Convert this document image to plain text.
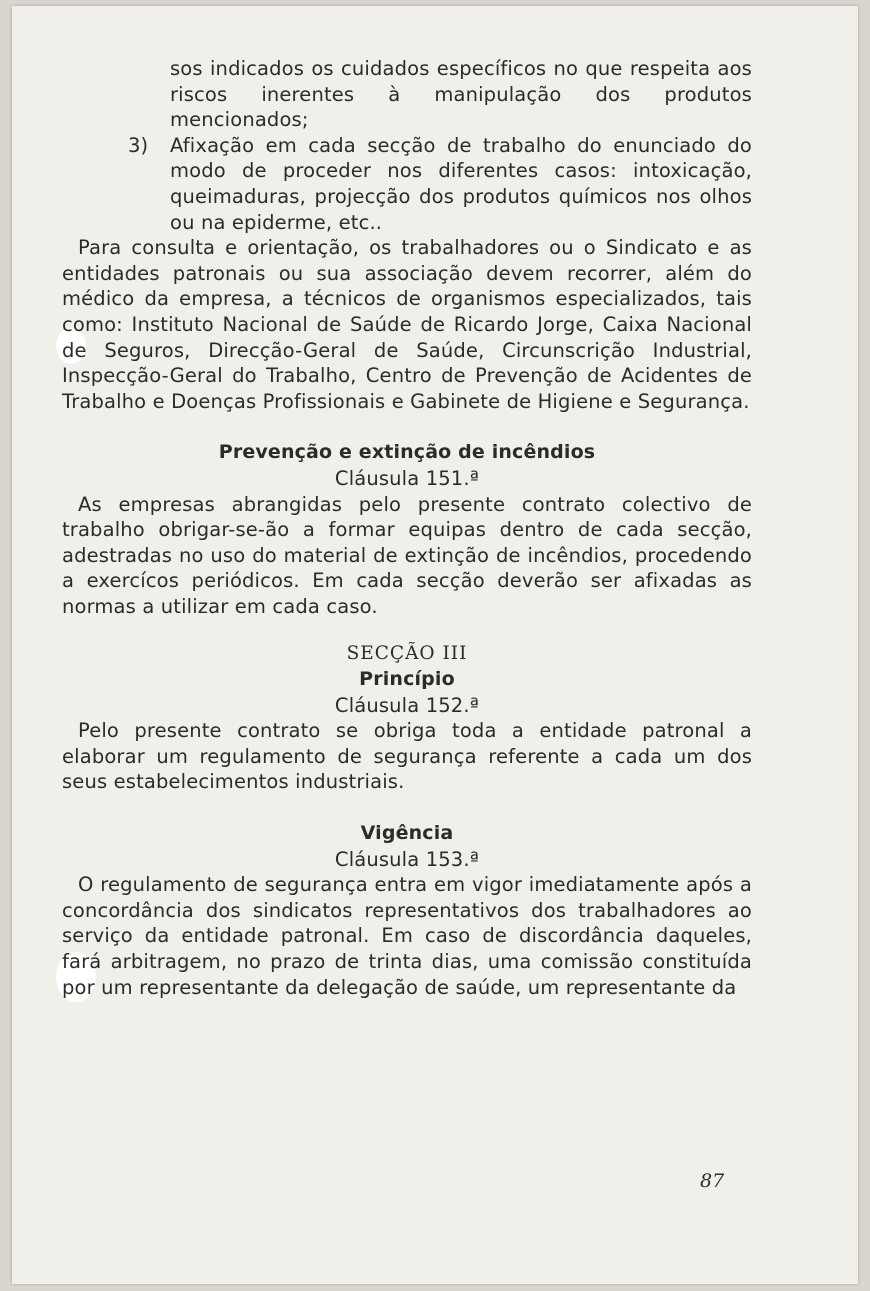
sos indicados os cuidados específicos no que respeita aos riscos inerentes à manipulação dos produtos mencionados;

3) Afixação em cada secção de trabalho do enunciado do modo de proceder nos diferentes casos: intoxicação, queimaduras, projecção dos produtos químicos nos olhos ou na epiderme, etc..

Para consulta e orientação, os trabalhadores ou o Sindicato e as entidades patronais ou sua associação devem recorrer, além do médico da empresa, a técnicos de organismos especializados, tais como: Instituto Nacional de Saúde de Ricardo Jorge, Caixa Nacional de Seguros, Direcção-Geral de Saúde, Circunscrição Industrial, Inspecção-Geral do Trabalho, Centro de Prevenção de Acidentes de Trabalho e Doenças Profissionais e Gabinete de Higiene e Segurança.

Prevenção e extinção de incêndios

Cláusula 151.ª

As empresas abrangidas pelo presente contrato colectivo de trabalho obrigar-se-ão a formar equipas dentro de cada secção, adestradas no uso do material de extinção de incêndios, procedendo a exercícos periódicos. Em cada secção deverão ser afixadas as normas a utilizar em cada caso.

SECÇÃO III

Princípio

Cláusula 152.ª

Pelo presente contrato se obriga toda a entidade patronal a elaborar um regulamento de segurança referente a cada um dos seus estabelecimentos industriais.

Vigência

Cláusula 153.ª

O regulamento de segurança entra em vigor imediatamente após a concordância dos sindicatos representativos dos trabalhadores ao serviço da entidade patronal. Em caso de discordância daqueles, fará arbitragem, no prazo de trinta dias, uma comissão constituída por um representante da delegação de saúde, um representante da

87
